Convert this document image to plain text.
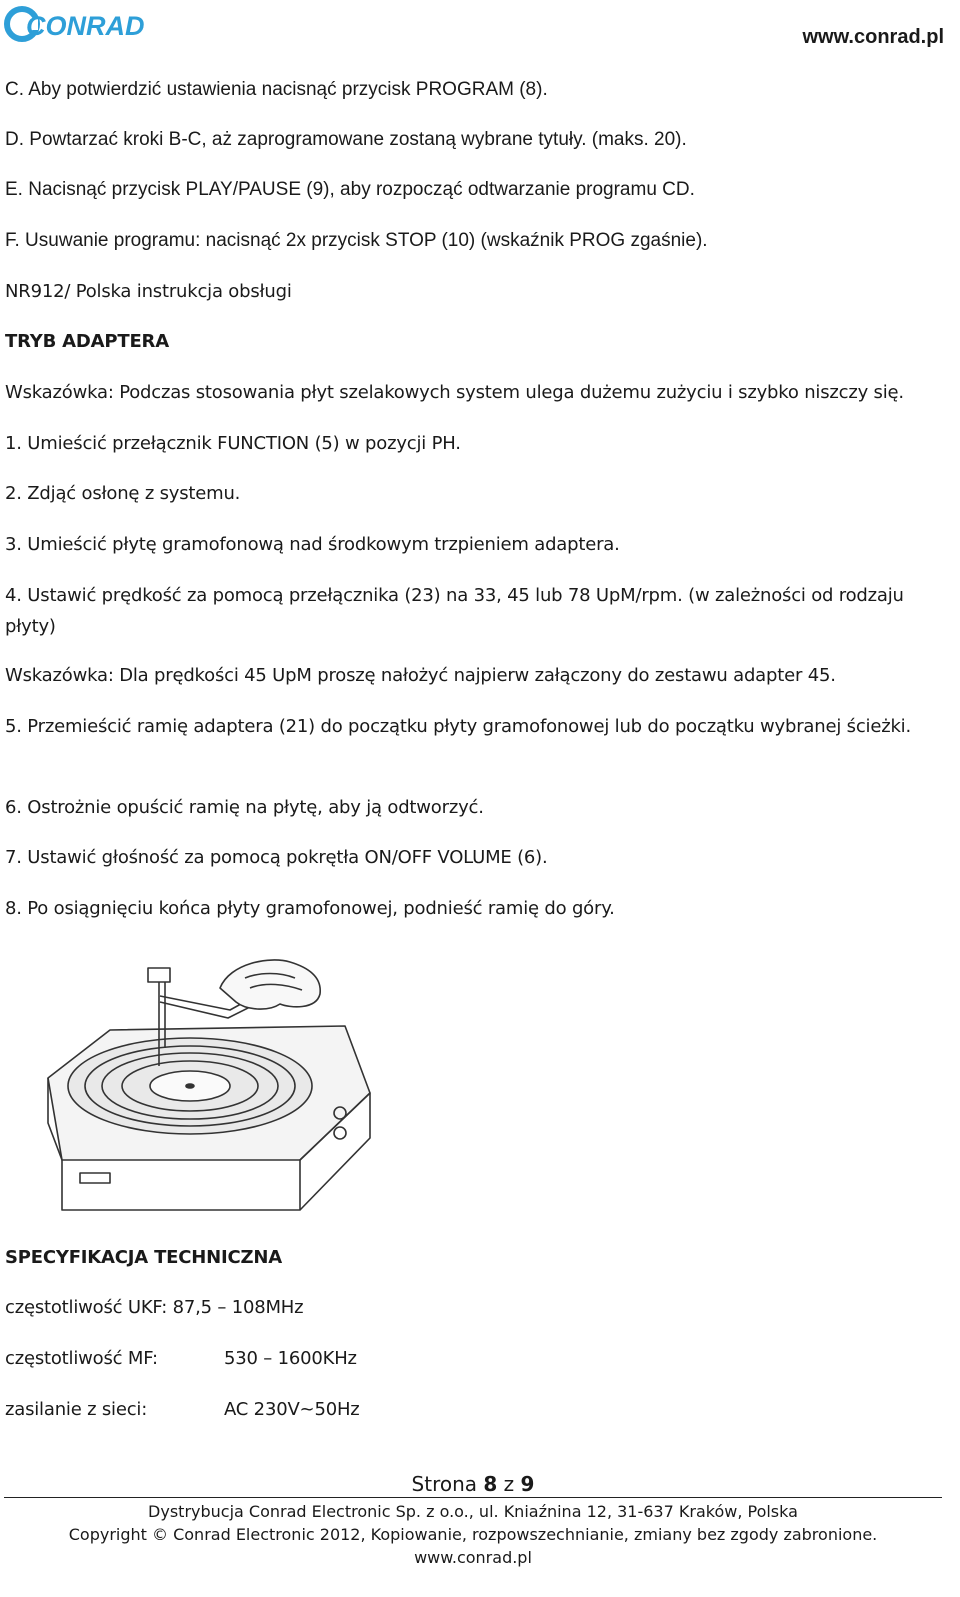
CONRAD	www.conrad.pl
C. Aby potwierdzić ustawienia nacisnąć przycisk PROGRAM (8).
D. Powtarzać kroki B-C, aż zaprogramowane zostaną wybrane tytuły. (maks. 20).
E. Nacisnąć przycisk PLAY/PAUSE (9), aby rozpocząć odtwarzanie programu CD.
F. Usuwanie programu: nacisnąć 2x przycisk STOP (10) (wskaźnik PROG zgaśnie).
NR912/ Polska instrukcja obsługi
TRYB ADAPTERA
Wskazówka: Podczas stosowania płyt szelakowych system ulega dużemu zużyciu i szybko niszczy się.
1. Umieścić przełącznik FUNCTION (5) w pozycji PH.
2. Zdjąć osłonę z systemu.
3. Umieścić płytę gramofonową nad środkowym trzpieniem adaptera.
4. Ustawić prędkość za pomocą przełącznika (23) na 33, 45 lub 78 UpM/rpm. (w zależności od rodzaju płyty)
Wskazówka: Dla prędkości 45 UpM proszę nałożyć najpierw załączony do zestawu adapter 45.
5. Przemieścić ramię adaptera (21) do początku płyty gramofonowej lub do początku wybranej ścieżki.
6. Ostrożnie opuścić ramię na płytę, aby ją odtworzyć.
7. Ustawić głośność za pomocą pokrętła ON/OFF VOLUME (6).
8. Po osiągnięciu końca płyty gramofonowej, podnieść ramię do góry.
SPECYFIKACJA TECHNICZNA
częstotliwość UKF: 87,5 – 108MHz
częstotliwość MF:	530 – 1600KHz
zasilanie z sieci:	AC 230V~50Hz
Strona 8 z 9
Dystrybucja Conrad Electronic Sp. z o.o., ul. Kniaźnina 12, 31-637 Kraków, Polska
Copyright © Conrad Electronic 2012, Kopiowanie, rozpowszechnianie, zmiany bez zgody zabronione.
www.conrad.pl
